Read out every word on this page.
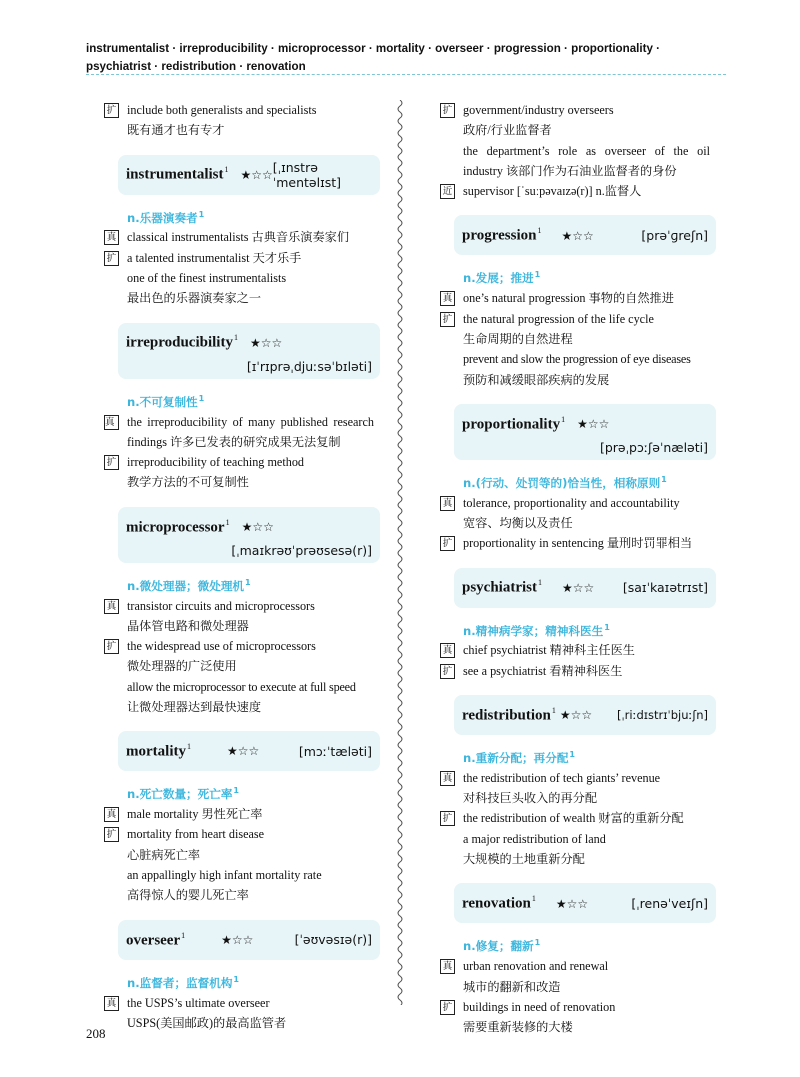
instrumentalist · irreproducibility · microprocessor · mortality · overseer · progression · proportionality ·
psychiatrist · redistribution · renovation
扩 include both generalists and specialists
既有通才也有专才
instrumentalist$^1$ ★☆☆
[ˌɪnstrəˈmentəlɪst]
n.乐器演奏者$^1$
真 classical instrumentalists 古典音乐演奏家们
扩 a talented instrumentalist 天才乐手
one of the finest instrumentalists
最出色的乐器演奏家之一
irreproducibility$^1$ ★☆☆
[ɪˈrɪprəˌdjuːsəˈbɪləti]
n.不可复制性$^1$
真	the irreproducibility of many published research
findings 许多已发表的研究成果无法复制
扩 irreproducibility of teaching method
教学方法的不可复制性
microprocessor$^1$ ★☆☆
[ˌmaɪkrəʊˈprəʊsesə(r)]
n.微处理器；微处理机$^1$
真 transistor circuits and microprocessors
晶体管电路和微处理器
扩 the widespread use of microprocessors
微处理器的广泛使用
allow the microprocessor to execute at full speed
让微处理器达到最快速度
mortality$^1$	★☆☆	[mɔːˈtæləti]
n.死亡数量；死亡率$^1$
真 male mortality 男性死亡率
扩 mortality from heart disease
心脏病死亡率
an appallingly high infant mortality rate
高得惊人的婴儿死亡率
overseer$^1$	★☆☆	[ˈəʊvəsɪə(r)]
n.监督者；监督机构$^1$
真 the USPS’s ultimate overseer
USPS(美国邮政)的最高监管者
扩 government/industry overseers
政府/行业监督者
the department’s role as overseer of the oil
industry 该部门作为石油业监督者的身份
近 supervisor [ˈsuːpəvaɪzə(r)] n.监督人
progression$^1$ ★☆☆	[prəˈɡreʃn]
n.发展；推进$^1$
真 one’s natural progression 事物的自然推进
扩 the natural progression of the life cycle
生命周期的自然进程
prevent and slow the progression of eye diseases
预防和减缓眼部疾病的发展
proportionality$^1$ ★☆☆
[prəˌpɔːʃəˈnæləti]
n.(行动、处罚等的)恰当性，相称原则$^1$
真 tolerance, proportionality and accountability
宽容、均衡以及责任
扩 proportionality in sentencing 量刑时罚罪相当
psychiatrist$^1$ ★☆☆ [saɪˈkaɪətrɪst]
n.精神病学家；精神科医生$^1$
真 chief psychiatrist 精神科主任医生
扩 see a psychiatrist 看精神科医生
redistribution$^1$ ★☆☆ [ˌriːdɪstrɪˈbjuːʃn]
n.重新分配；再分配$^1$
真 the redistribution of tech giants’ revenue
对科技巨头收入的再分配
扩 the redistribution of wealth 财富的重新分配
a major redistribution of land
大规模的土地重新分配
renovation$^1$ ★☆☆	[ˌrenəˈveɪʃn]
n.修复；翻新$^1$
真 urban renovation and renewal
城市的翻新和改造
扩 buildings in need of renovation
需要重新装修的大楼
208
